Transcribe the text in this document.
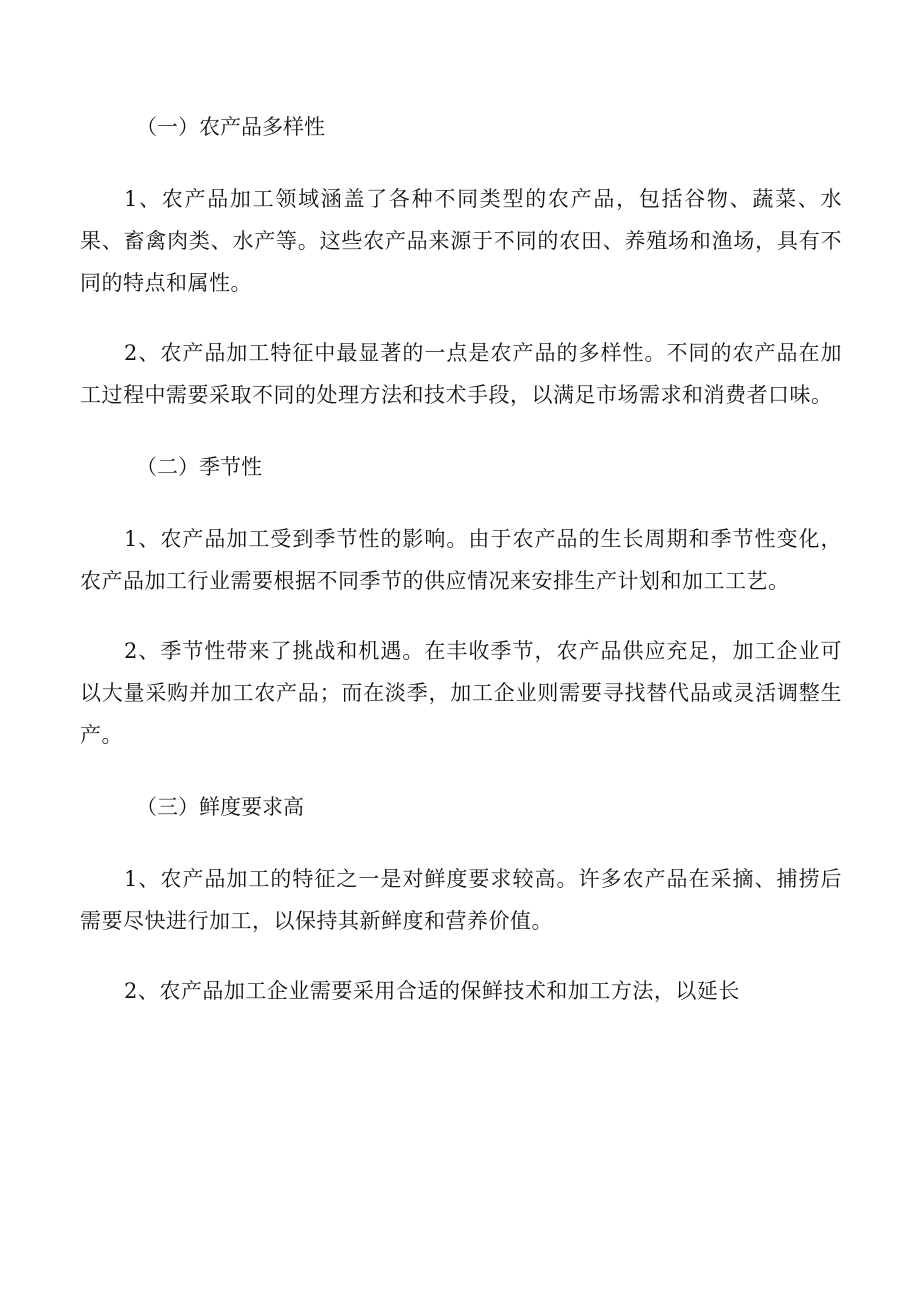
（一）农产品多样性

1、农产品加工领域涵盖了各种不同类型的农产品，包括谷物、蔬菜、水果、畜禽肉类、水产等。这些农产品来源于不同的农田、养殖场和渔场，具有不同的特点和属性。

2、农产品加工特征中最显著的一点是农产品的多样性。不同的农产品在加工过程中需要采取不同的处理方法和技术手段，以满足市场需求和消费者口味。

（二）季节性

1、农产品加工受到季节性的影响。由于农产品的生长周期和季节性变化，农产品加工行业需要根据不同季节的供应情况来安排生产计划和加工工艺。

2、季节性带来了挑战和机遇。在丰收季节，农产品供应充足，加工企业可以大量采购并加工农产品；而在淡季，加工企业则需要寻找替代品或灵活调整生产。

（三）鲜度要求高

1、农产品加工的特征之一是对鲜度要求较高。许多农产品在采摘、捕捞后需要尽快进行加工，以保持其新鲜度和营养价值。

2、农产品加工企业需要采用合适的保鲜技术和加工方法，以延长
